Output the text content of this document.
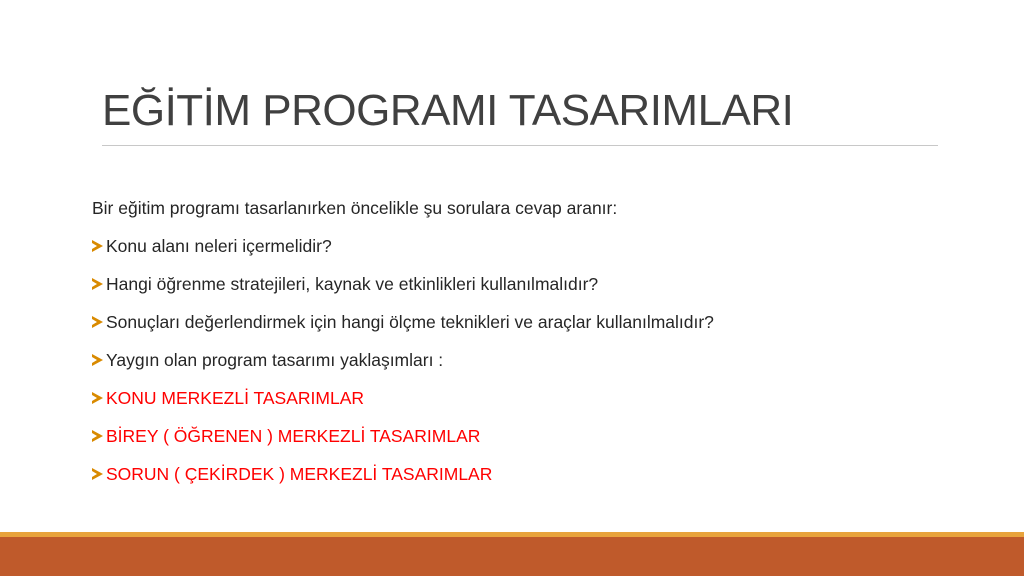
EĞİTİM PROGRAMI TASARIMLARI
Bir eğitim programı tasarlanırken öncelikle şu sorulara cevap aranır:
Konu alanı neleri içermelidir?
Hangi öğrenme stratejileri, kaynak ve etkinlikleri kullanılmalıdır?
Sonuçları değerlendirmek için hangi ölçme teknikleri ve araçlar kullanılmalıdır?
Yaygın olan program tasarımı yaklaşımları :
KONU MERKEZLİ TASARIMLAR
BİREY ( ÖĞRENEN ) MERKEZLİ TASARIMLAR
SORUN ( ÇEKİRDEK ) MERKEZLİ TASARIMLAR
